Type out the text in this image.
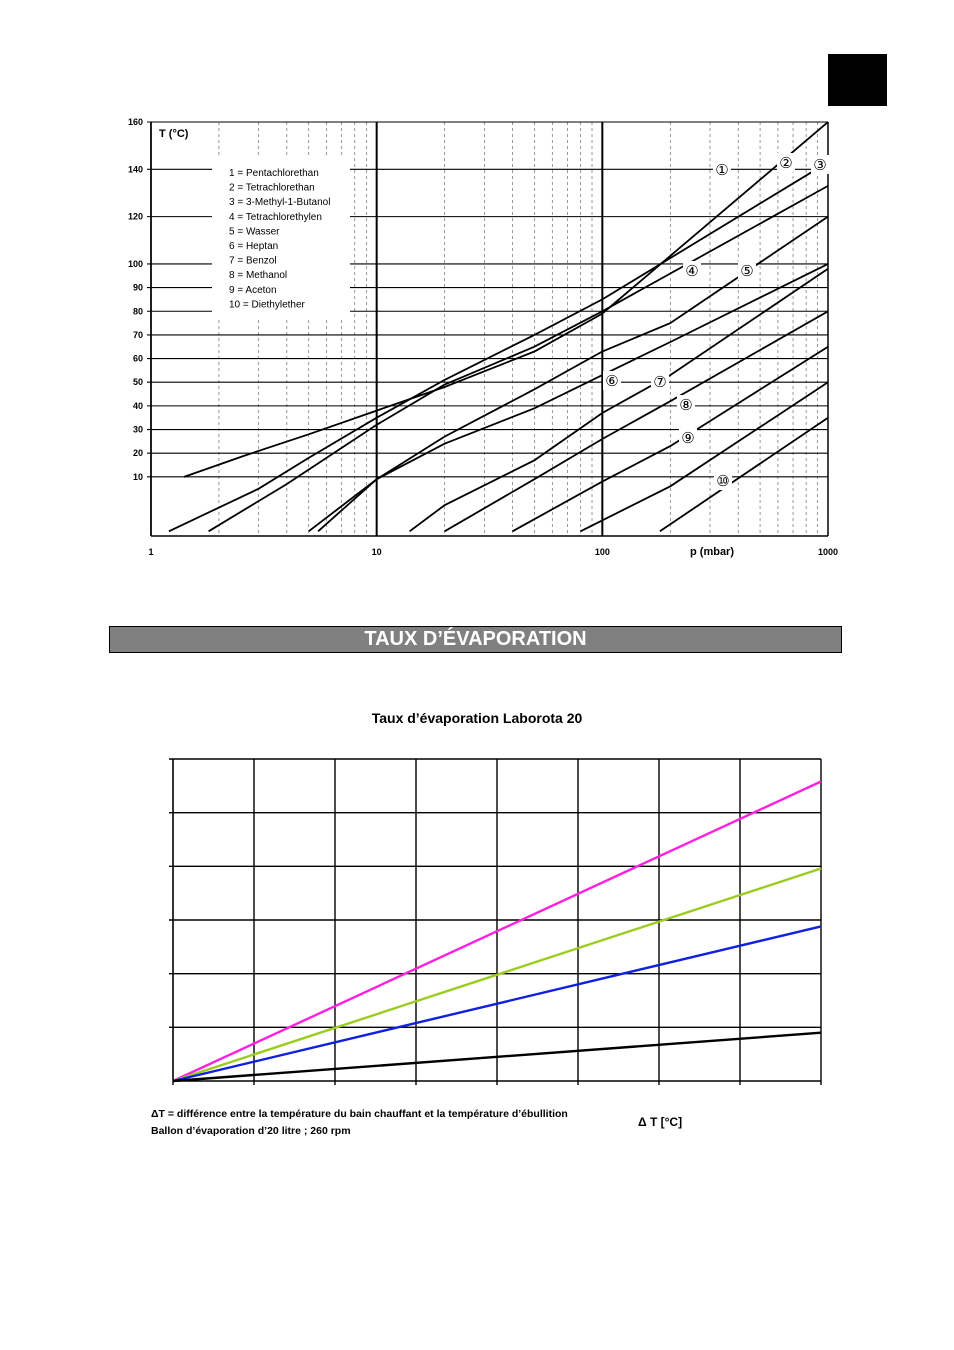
1	10	100	1000
10
20
30
40
50
60
70
80
90
100
120
140
160
1 = Pentachlorethan
2 = Tetrachlorethan
3 = 3-Methyl-1-Butanol
4 = Tetrachlorethylen
5 = Wasser
6 = Heptan
7 = Benzol
8 = Methanol
9 = Aceton
10 = Diethylether
T (°C)
p (mbar)
①	② ③
④	⑤
⑥ ⑦
⑧
⑨
⑩
TAUX D’ÉVAPORATION
Taux d’évaporation Laborota 20
ΔT = différence entre la température du bain chauffant et la température d’ébullition
Ballon d’évaporation d’20 litre ; 260 rpm
Δ T [°C]
